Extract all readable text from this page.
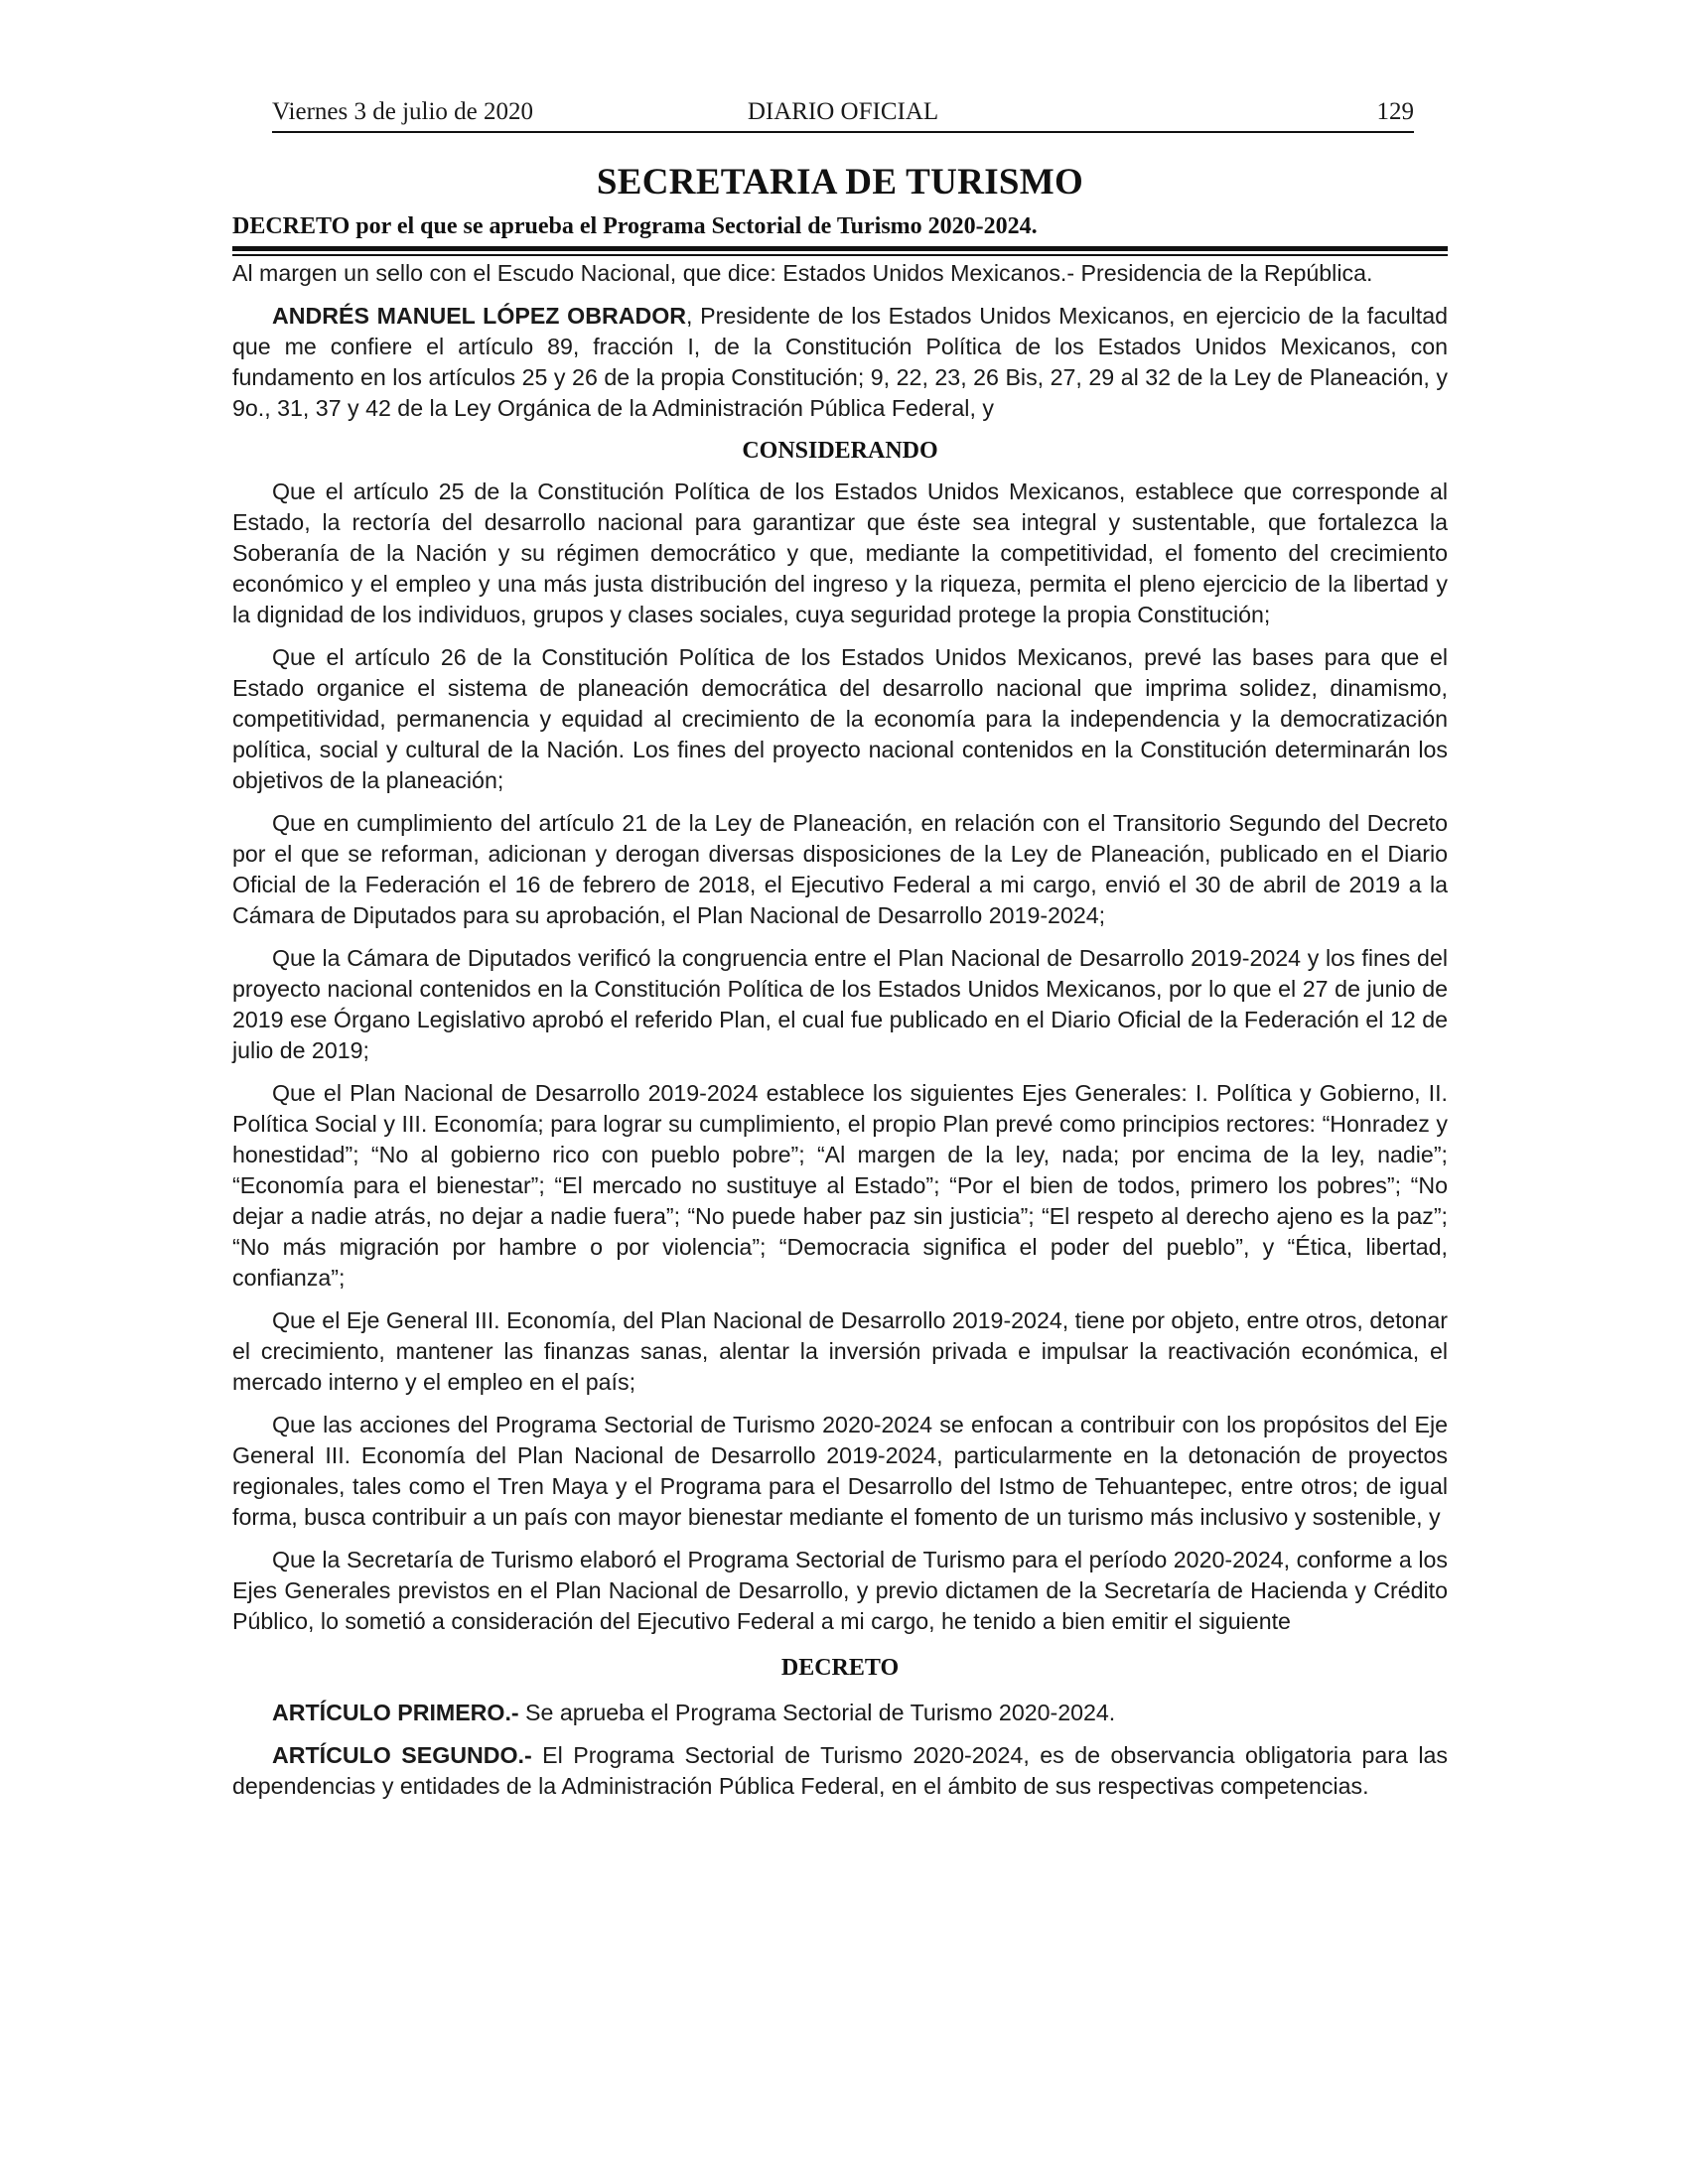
Viernes 3 de julio de 2020	DIARIO OFICIAL	129
SECRETARIA DE TURISMO
DECRETO por el que se aprueba el Programa Sectorial de Turismo 2020-2024.

Al margen un sello con el Escudo Nacional, que dice: Estados Unidos Mexicanos.- Presidencia de la República.

ANDRÉS MANUEL LÓPEZ OBRADOR, Presidente de los Estados Unidos Mexicanos, en ejercicio de la facultad que me confiere el artículo 89, fracción I, de la Constitución Política de los Estados Unidos Mexicanos, con fundamento en los artículos 25 y 26 de la propia Constitución; 9, 22, 23, 26 Bis, 27, 29 al 32 de la Ley de Planeación, y 9o., 31, 37 y 42 de la Ley Orgánica de la Administración Pública Federal, y

CONSIDERANDO

Que el artículo 25 de la Constitución Política de los Estados Unidos Mexicanos, establece que corresponde al Estado, la rectoría del desarrollo nacional para garantizar que éste sea integral y sustentable, que fortalezca la Soberanía de la Nación y su régimen democrático y que, mediante la competitividad, el fomento del crecimiento económico y el empleo y una más justa distribución del ingreso y la riqueza, permita el pleno ejercicio de la libertad y la dignidad de los individuos, grupos y clases sociales, cuya seguridad protege la propia Constitución;

Que el artículo 26 de la Constitución Política de los Estados Unidos Mexicanos, prevé las bases para que el Estado organice el sistema de planeación democrática del desarrollo nacional que imprima solidez, dinamismo, competitividad, permanencia y equidad al crecimiento de la economía para la independencia y la democratización política, social y cultural de la Nación. Los fines del proyecto nacional contenidos en la Constitución determinarán los objetivos de la planeación;

Que en cumplimiento del artículo 21 de la Ley de Planeación, en relación con el Transitorio Segundo del Decreto por el que se reforman, adicionan y derogan diversas disposiciones de la Ley de Planeación, publicado en el Diario Oficial de la Federación el 16 de febrero de 2018, el Ejecutivo Federal a mi cargo, envió el 30 de abril de 2019 a la Cámara de Diputados para su aprobación, el Plan Nacional de Desarrollo 2019-2024;

Que la Cámara de Diputados verificó la congruencia entre el Plan Nacional de Desarrollo 2019-2024 y los fines del proyecto nacional contenidos en la Constitución Política de los Estados Unidos Mexicanos, por lo que el 27 de junio de 2019 ese Órgano Legislativo aprobó el referido Plan, el cual fue publicado en el Diario Oficial de la Federación el 12 de julio de 2019;

Que el Plan Nacional de Desarrollo 2019-2024 establece los siguientes Ejes Generales: I. Política y Gobierno, II. Política Social y III. Economía; para lograr su cumplimiento, el propio Plan prevé como principios rectores: “Honradez y honestidad”; “No al gobierno rico con pueblo pobre”; “Al margen de la ley, nada; por encima de la ley, nadie”; “Economía para el bienestar”; “El mercado no sustituye al Estado”; “Por el bien de todos, primero los pobres”; “No dejar a nadie atrás, no dejar a nadie fuera”; “No puede haber paz sin justicia”; “El respeto al derecho ajeno es la paz”; “No más migración por hambre o por violencia”; “Democracia significa el poder del pueblo”, y “Ética, libertad, confianza”;

Que el Eje General III. Economía, del Plan Nacional de Desarrollo 2019-2024, tiene por objeto, entre otros, detonar el crecimiento, mantener las finanzas sanas, alentar la inversión privada e impulsar la reactivación económica, el mercado interno y el empleo en el país;

Que las acciones del Programa Sectorial de Turismo 2020-2024 se enfocan a contribuir con los propósitos del Eje General III. Economía del Plan Nacional de Desarrollo 2019-2024, particularmente en la detonación de proyectos regionales, tales como el Tren Maya y el Programa para el Desarrollo del Istmo de Tehuantepec, entre otros; de igual forma, busca contribuir a un país con mayor bienestar mediante el fomento de un turismo más inclusivo y sostenible, y

Que la Secretaría de Turismo elaboró el Programa Sectorial de Turismo para el período 2020-2024, conforme a los Ejes Generales previstos en el Plan Nacional de Desarrollo, y previo dictamen de la Secretaría de Hacienda y Crédito Público, lo sometió a consideración del Ejecutivo Federal a mi cargo, he tenido a bien emitir el siguiente

DECRETO

ARTÍCULO PRIMERO.- Se aprueba el Programa Sectorial de Turismo 2020-2024.

ARTÍCULO SEGUNDO.- El Programa Sectorial de Turismo 2020-2024, es de observancia obligatoria para las dependencias y entidades de la Administración Pública Federal, en el ámbito de sus respectivas competencias.
